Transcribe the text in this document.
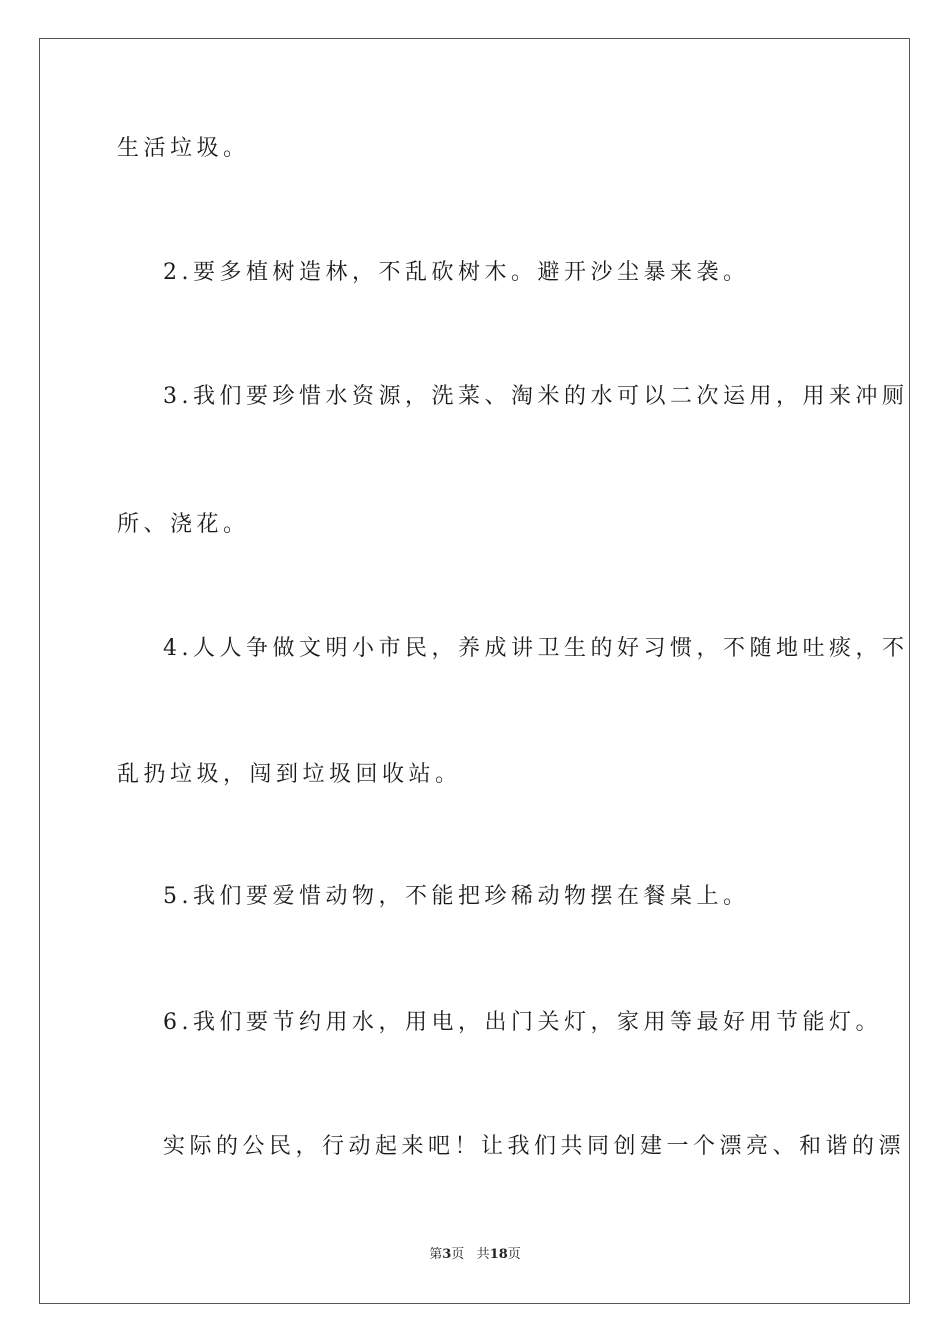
生活垃圾。
2.要多植树造林，不乱砍树木。避开沙尘暴来袭。
3.我们要珍惜水资源，洗菜、淘米的水可以二次运用，用来冲厕
所、浇花。
4.人人争做文明小市民，养成讲卫生的好习惯，不随地吐痰，不
乱扔垃圾，闯到垃圾回收站。
5.我们要爱惜动物，不能把珍稀动物摆在餐桌上。
6.我们要节约用水，用电，出门关灯，家用等最好用节能灯。
实际的公民，行动起来吧！让我们共同创建一个漂亮、和谐的漂
第3页 共18页
